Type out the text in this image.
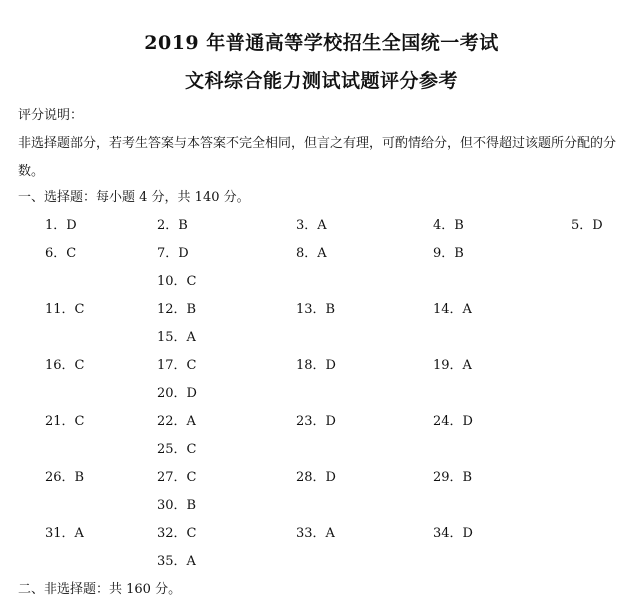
2019 年普通高等学校招生全国统一考试
文科综合能力测试试题评分参考
评分说明：
非选择题部分，若考生答案与本答案不完全相同，但言之有理，可酌情给分，但不得超过该题所分配的分数。
一、选择题：每小题 4 分，共 140 分。
1．D	2．B	3．A	4．B	5．D
6．C	7．D	8．A	9．B
10．C
11．C	12．B	13．B	14．A
15．A
16．C	17．C	18．D	19．A
20．D
21．C	22．A	23．D	24．D
25．C
26．B	27．C	28．D	29．B
30．B
31．A	32．C	33．A	34．D
35．A
二、非选择题：共 160 分。
